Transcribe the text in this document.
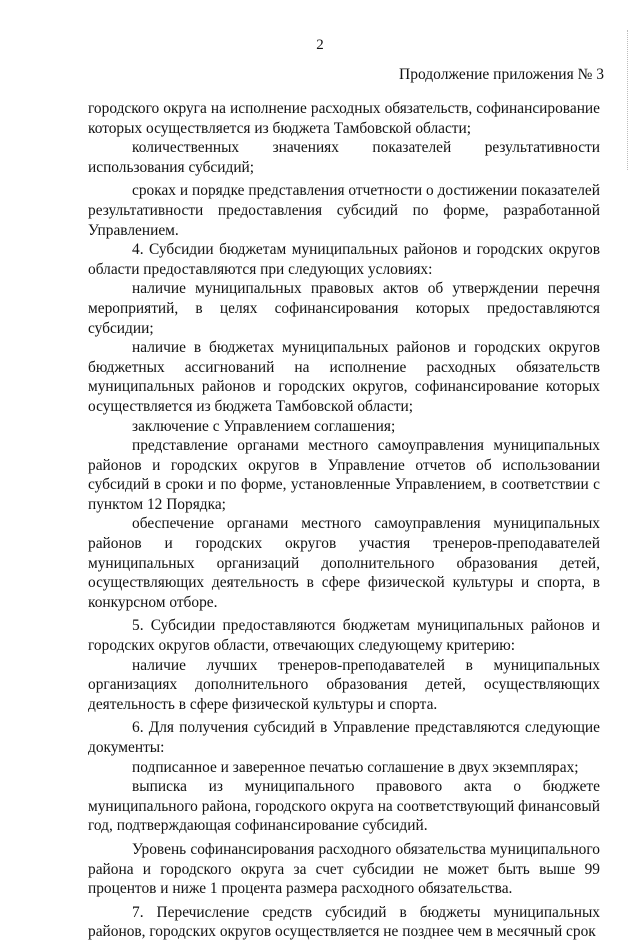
2
Продолжение приложения № 3

городского округа на исполнение расходных обязательств, софинансирование которых осуществляется из бюджета Тамбовской области;

количественных значениях показателей результативности использования субсидий;

сроках и порядке представления отчетности о достижении показателей результативности предоставления субсидий по форме, разработанной Управлением.

4. Субсидии бюджетам муниципальных районов и городских округов области предоставляются при следующих условиях:

наличие муниципальных правовых актов об утверждении перечня мероприятий, в целях софинансирования которых предоставляются субсидии;

наличие в бюджетах муниципальных районов и городских округов бюджетных ассигнований на исполнение расходных обязательств муниципальных районов и городских округов, софинансирование которых осуществляется из бюджета Тамбовской области;

заключение с Управлением соглашения;

представление органами местного самоуправления муниципальных районов и городских округов в Управление отчетов об использовании субсидий в сроки и по форме, установленные Управлением, в соответствии с пунктом 12 Порядка;

обеспечение органами местного самоуправления муниципальных районов и городских округов участия тренеров-преподавателей муниципальных организаций дополнительного образования детей, осуществляющих деятельность в сфере физической культуры и спорта, в конкурсном отборе.

5. Субсидии предоставляются бюджетам муниципальных районов и городских округов области, отвечающих следующему критерию:

наличие лучших тренеров-преподавателей в муниципальных организациях дополнительного образования детей, осуществляющих деятельность в сфере физической культуры и спорта.

6. Для получения субсидий в Управление представляются следующие документы:

подписанное и заверенное печатью соглашение в двух экземплярах;

выписка из муниципального правового акта о бюджете муниципального района, городского округа на соответствующий финансовый год, подтверждающая софинансирование субсидий.

Уровень софинансирования расходного обязательства муниципального района и городского округа за счет субсидии не может быть выше 99 процентов и ниже 1 процента размера расходного обязательства.

7. Перечисление средств субсидий в бюджеты муниципальных районов, городских округов осуществляется не позднее чем в месячный срок
